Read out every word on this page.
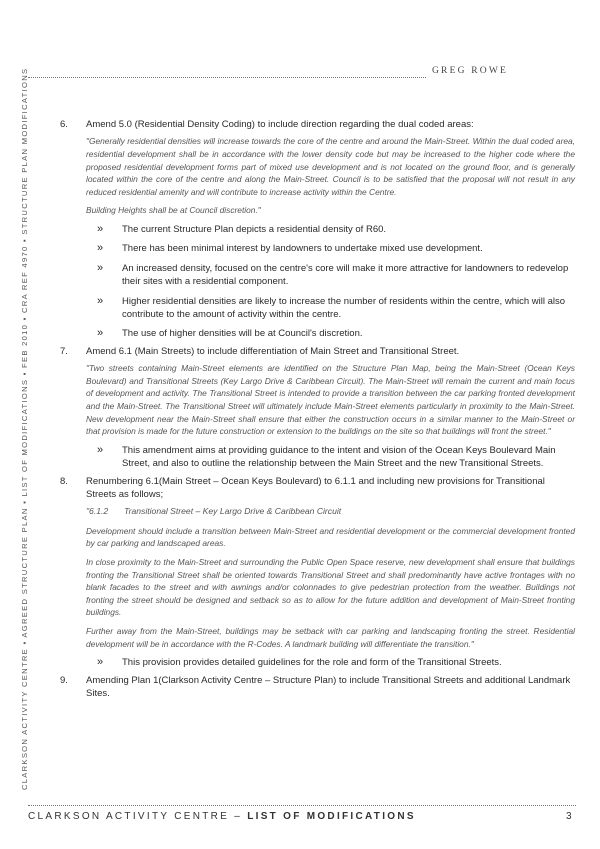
GREG ROWE
CLARKSON ACTIVITY CENTRE ▪ AGREED STRUCTURE PLAN ▪ LIST OF MODIFICATIONS ▪ FEB 2010 ▪ CRA REF 4970 ▪ STRUCTURE PLAN MODIFICATIONS	6.	Amend 5.0 (Residential Density Coding) to include direction regarding the dual coded areas:
"Generally residential densities will increase towards the core of the centre and around the Main-Street. Within the dual coded area, residential development shall be in accordance with the lower density code but may be increased to the higher code where the proposed residential development forms part of mixed use development and is not located on the ground floor, and is generally located within the core of the centre and along the Main-Street. Council is to be satisfied that the proposal will not result in any reduced residential amenity and will contribute to increase activity within the Centre.
Building Heights shall be at Council discretion."
»	The current Structure Plan depicts a residential density of R60.
»	There has been minimal interest by landowners to undertake mixed use development.
»	An increased density, focused on the centre's core will make it more attractive for landowners to redevelop their sites with a residential component.
»	Higher residential densities are likely to increase the number of residents within the centre, which will also contribute to the amount of activity within the centre.
»	The use of higher densities will be at Council's discretion.
7.	Amend 6.1 (Main Streets) to include differentiation of Main Street and Transitional Street.
"Two streets containing Main-Street elements are identified on the Structure Plan Map, being the Main-Street (Ocean Keys Boulevard) and Transitional Streets (Key Largo Drive & Caribbean Circuit). The Main-Street will remain the current and main focus of development and activity. The Transitional Street is intended to provide a transition between the car parking fronted development and the Main-Street. The Transitional Street will ultimately include Main-Street elements particularly in proximity to the Main-Street. New development near the Main-Street shall ensure that either the construction occurs in a similar manner to the Main-Street or that provision is made for the future construction or extension to the buildings on the site so that buildings will front the street."
»	This amendment aims at providing guidance to the intent and vision of the Ocean Keys Boulevard Main Street, and also to outline the relationship between the Main Street and the new Transitional Streets.
8.	Renumbering 6.1(Main Street – Ocean Keys Boulevard) to 6.1.1 and including new provisions for Transitional Streets as follows;
"6.1.2	Transitional Street – Key Largo Drive & Caribbean Circuit
Development should include a transition between Main-Street and residential development or the commercial development fronted by car parking and landscaped areas.
In close proximity to the Main-Street and surrounding the Public Open Space reserve, new development shall ensure that buildings fronting the Transitional Street shall be oriented towards Transitional Street and shall predominantly have active frontages with no blank facades to the street and with awnings and/or colonnades to give pedestrian protection from the weather. Buildings not fronting the street should be designed and setback so as to allow for the future addition and development of Main-Street fronting buildings.
Further away from the Main-Street, buildings may be setback with car parking and landscaping fronting the street. Residential development will be in accordance with the R-Codes. A landmark building will differentiate the transition."
»	This provision provides detailed guidelines for the role and form of the Transitional Streets.
9.	Amending Plan 1(Clarkson Activity Centre – Structure Plan) to include Transitional Streets and additional Landmark Sites.
CLARKSON ACTIVITY CENTRE – LIST OF MODIFICATIONS	3
